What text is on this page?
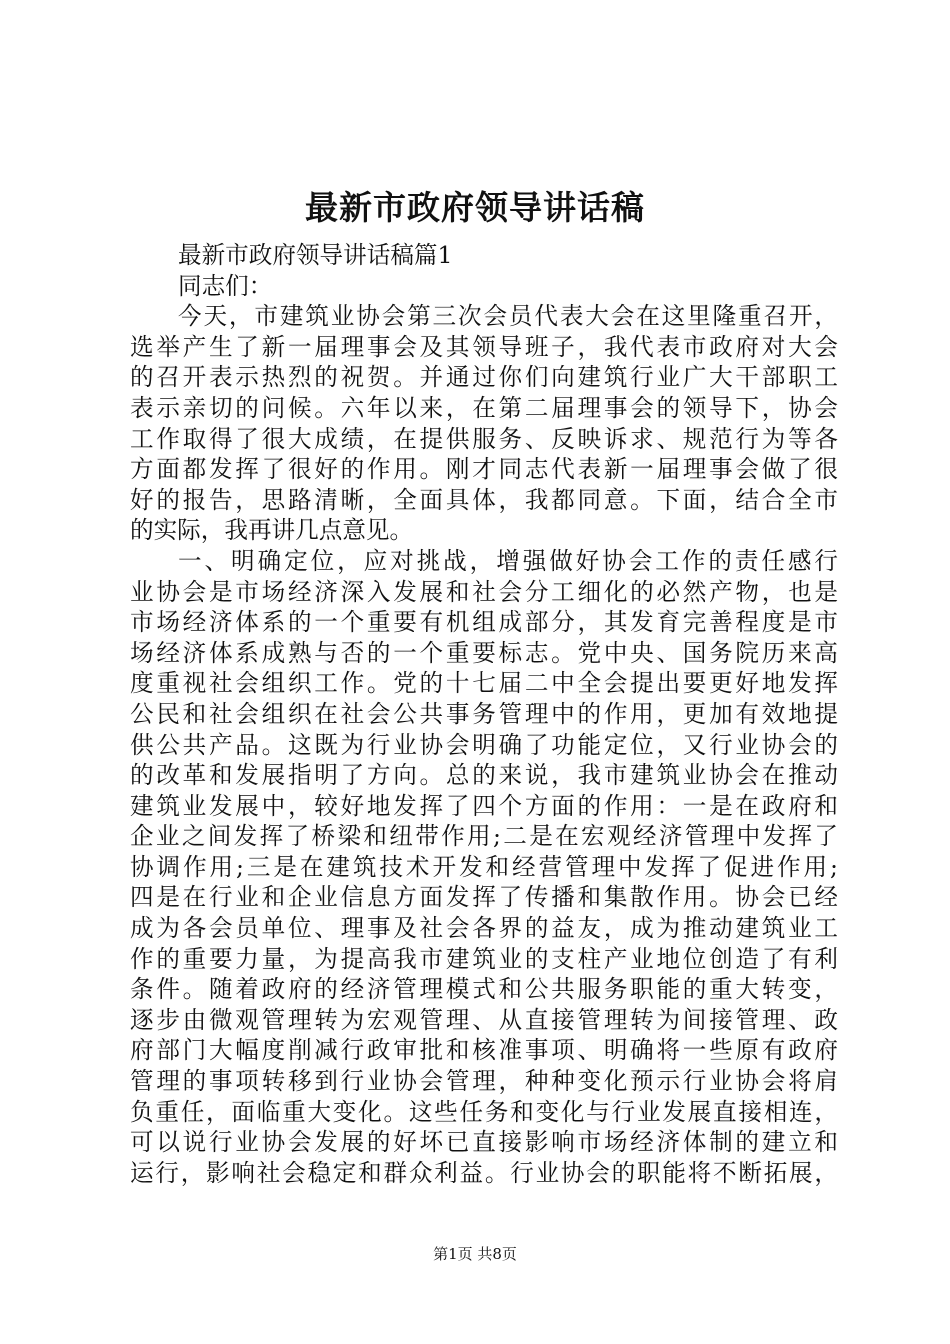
最新市政府领导讲话稿
最新市政府领导讲话稿篇1
同志们：
今天，市建筑业协会第三次会员代表大会在这里隆重召开，
选举产生了新一届理事会及其领导班子，我代表市政府对大会
的召开表示热烈的祝贺。并通过你们向建筑行业广大干部职工
表示亲切的问候。六年以来，在第二届理事会的领导下，协会
工作取得了很大成绩，在提供服务、反映诉求、规范行为等各
方面都发挥了很好的作用。刚才同志代表新一届理事会做了很
好的报告，思路清晰，全面具体，我都同意。下面，结合全市
的实际，我再讲几点意见。
一、明确定位，应对挑战，增强做好协会工作的责任感行
业协会是市场经济深入发展和社会分工细化的必然产物，也是
市场经济体系的一个重要有机组成部分，其发育完善程度是市
场经济体系成熟与否的一个重要标志。党中央、国务院历来高
度重视社会组织工作。党的十七届二中全会提出要更好地发挥
公民和社会组织在社会公共事务管理中的作用，更加有效地提
供公共产品。这既为行业协会明确了功能定位，又行业协会的
的改革和发展指明了方向。总的来说，我市建筑业协会在推动
建筑业发展中，较好地发挥了四个方面的作用：一是在政府和
企业之间发挥了桥梁和纽带作用;二是在宏观经济管理中发挥了
协调作用;三是在建筑技术开发和经营管理中发挥了促进作用;
四是在行业和企业信息方面发挥了传播和集散作用。协会已经
成为各会员单位、理事及社会各界的益友，成为推动建筑业工
作的重要力量，为提高我市建筑业的支柱产业地位创造了有利
条件。随着政府的经济管理模式和公共服务职能的重大转变，
逐步由微观管理转为宏观管理、从直接管理转为间接管理、政
府部门大幅度削减行政审批和核准事项、明确将一些原有政府
管理的事项转移到行业协会管理，种种变化预示行业协会将肩
负重任，面临重大变化。这些任务和变化与行业发展直接相连，
可以说行业协会发展的好坏已直接影响市场经济体制的建立和
运行，影响社会稳定和群众利益。行业协会的职能将不断拓展，
第1页 共8页
